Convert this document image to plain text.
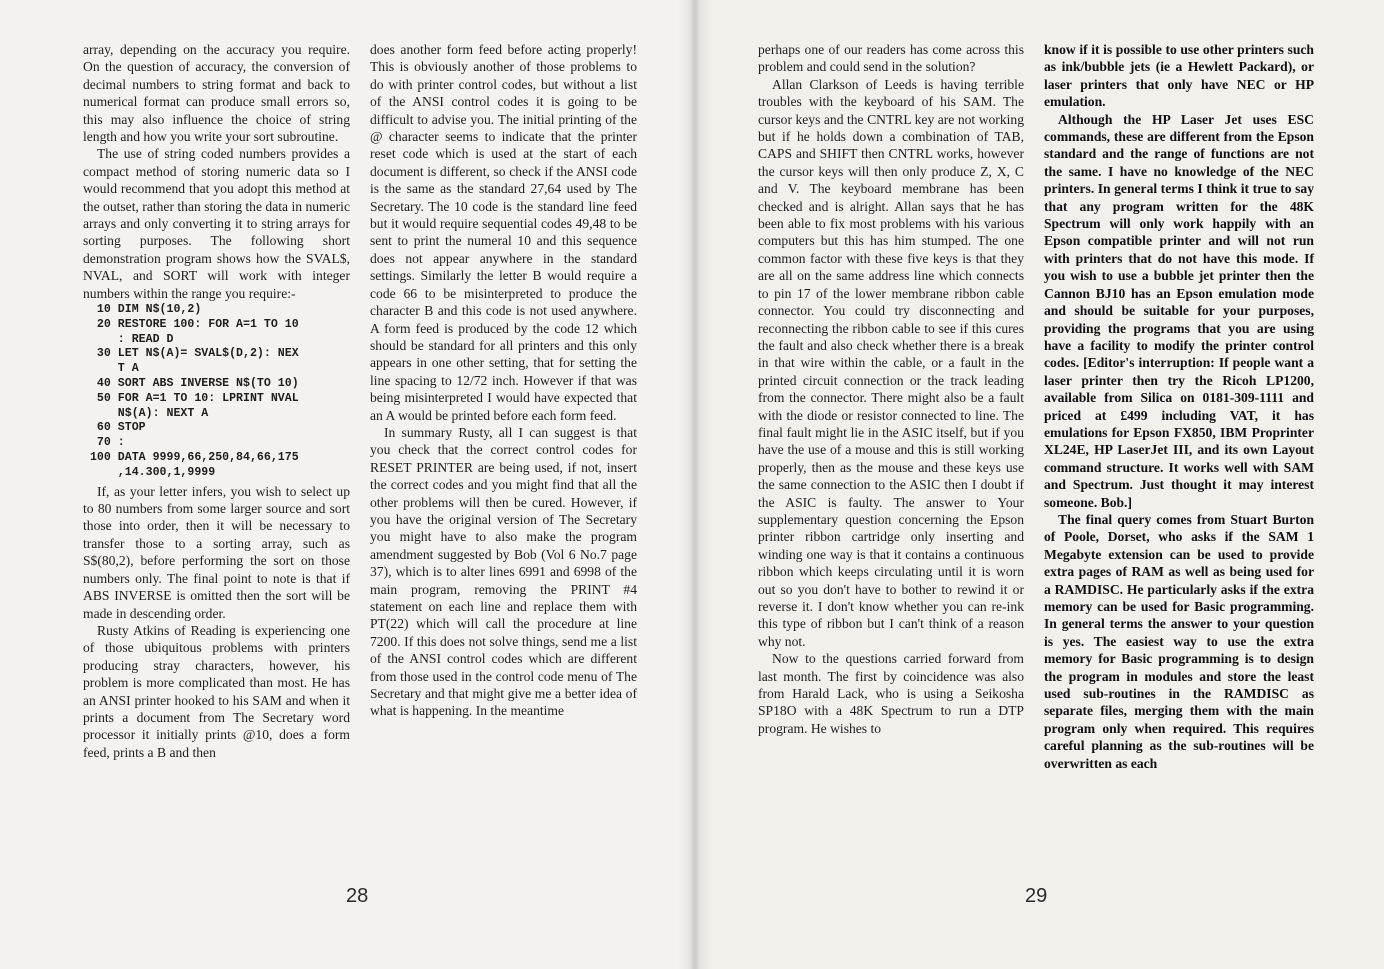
array, depending on the accuracy you require. On the question of accuracy, the conversion of decimal numbers to string format and back to numerical format can produce small errors so, this may also influence the choice of string length and how you write your sort subroutine.

The use of string coded numbers provides a compact method of storing numeric data so I would recommend that you adopt this method at the outset, rather than storing the data in numeric arrays and only converting it to string arrays for sorting purposes. The following short demonstration program shows how the SVAL$, NVAL, and SORT will work with integer numbers within the range you require:-

10 DIM N$(10,2)
20 RESTORE 100: FOR A=1 TO 10
: READ D
30 LET N$(A)= SVAL$(D,2): NEX
T A
40 SORT ABS INVERSE N$(TO 10)
50 FOR A=1 TO 10: LPRINT NVAL
N$(A): NEXT A
60 STOP
70 :
100 DATA 9999,66,250,84,66,175
,14.300,1,9999

If, as your letter infers, you wish to select up to 80 numbers from some larger source and sort those into order, then it will be necessary to transfer those to a sorting array, such as S$(80,2), before performing the sort on those numbers only. The final point to note is that if ABS INVERSE is omitted then the sort will be made in descending order.

Rusty Atkins of Reading is experiencing one of those ubiquitous problems with printers producing stray characters, however, his problem is more complicated than most. He has an ANSI printer hooked to his SAM and when it prints a document from The Secretary word processor it initially prints @10, does a form feed, prints a B and then

does another form feed before acting properly! This is obviously another of those problems to do with printer control codes, but without a list of the ANSI control codes it is going to be difficult to advise you. The initial printing of the @ character seems to indicate that the printer reset code which is used at the start of each document is different, so check if the ANSI code is the same as the standard 27,64 used by The Secretary. The 10 code is the standard line feed but it would require sequential codes 49,48 to be sent to print the numeral 10 and this sequence does not appear anywhere in the standard settings. Similarly the letter B would require a code 66 to be misinterpreted to produce the character B and this code is not used anywhere. A form feed is produced by the code 12 which should be standard for all printers and this only appears in one other setting, that for setting the line spacing to 12/72 inch. However if that was being misinterpreted I would have expected that an A would be printed before each form feed.

In summary Rusty, all I can suggest is that you check that the correct control codes for RESET PRINTER are being used, if not, insert the correct codes and you might find that all the other problems will then be cured. However, if you have the original version of The Secretary you might have to also make the program amendment suggested by Bob (Vol 6 No.7 page 37), which is to alter lines 6991 and 6998 of the main program, removing the PRINT #4 statement on each line and replace them with PT(22) which will call the procedure at line 7200. If this does not solve things, send me a list of the ANSI control codes which are different from those used in the control code menu of The Secretary and that might give me a better idea of what is happening. In the meantime

28

perhaps one of our readers has come across this problem and could send in the solution?

Allan Clarkson of Leeds is having terrible troubles with the keyboard of his SAM. The cursor keys and the CNTRL key are not working but if he holds down a combination of TAB, CAPS and SHIFT then CNTRL works, however the cursor keys will then only produce Z, X, C and V. The keyboard membrane has been checked and is alright. Allan says that he has been able to fix most problems with his various computers but this has him stumped. The one common factor with these five keys is that they are all on the same address line which connects to pin 17 of the lower membrane ribbon cable connector. You could try disconnecting and reconnecting the ribbon cable to see if this cures the fault and also check whether there is a break in that wire within the cable, or a fault in the printed circuit connection or the track leading from the connector. There might also be a fault with the diode or resistor connected to line. The final fault might lie in the ASIC itself, but if you have the use of a mouse and this is still working properly, then as the mouse and these keys use the same connection to the ASIC then I doubt if the ASIC is faulty. The answer to Your supplementary question concerning the Epson printer ribbon cartridge only inserting and winding one way is that it contains a continuous ribbon which keeps circulating until it is worn out so you don't have to bother to rewind it or reverse it. I don't know whether you can re-ink this type of ribbon but I can't think of a reason why not.

Now to the questions carried forward from last month. The first by coincidence was also from Harald Lack, who is using a Seikosha SP18O with a 48K Spectrum to run a DTP program. He wishes to

know if it is possible to use other printers such as ink/bubble jets (ie a Hewlett Packard), or laser printers that only have NEC or HP emulation.

Although the HP Laser Jet uses ESC commands, these are different from the Epson standard and the range of functions are not the same. I have no knowledge of the NEC printers. In general terms I think it true to say that any program written for the 48K Spectrum will only work happily with an Epson compatible printer and will not run with printers that do not have this mode. If you wish to use a bubble jet printer then the Cannon BJ10 has an Epson emulation mode and should be suitable for your purposes, providing the programs that you are using have a facility to modify the printer control codes. [Editor's interruption: If people want a laser printer then try the Ricoh LP1200, available from Silica on 0181-309-1111 and priced at £499 including VAT, it has emulations for Epson FX850, IBM Proprinter XL24E, HP LaserJet III, and its own Layout command structure. It works well with SAM and Spectrum. Just thought it may interest someone. Bob.]

The final query comes from Stuart Burton of Poole, Dorset, who asks if the SAM 1 Megabyte extension can be used to provide extra pages of RAM as well as being used for a RAMDISC. He particularly asks if the extra memory can be used for Basic programming. In general terms the answer to your question is yes. The easiest way to use the extra memory for Basic programming is to design the program in modules and store the least used sub-routines in the RAMDISC as separate files, merging them with the main program only when required. This requires careful planning as the sub-routines will be overwritten as each

29
